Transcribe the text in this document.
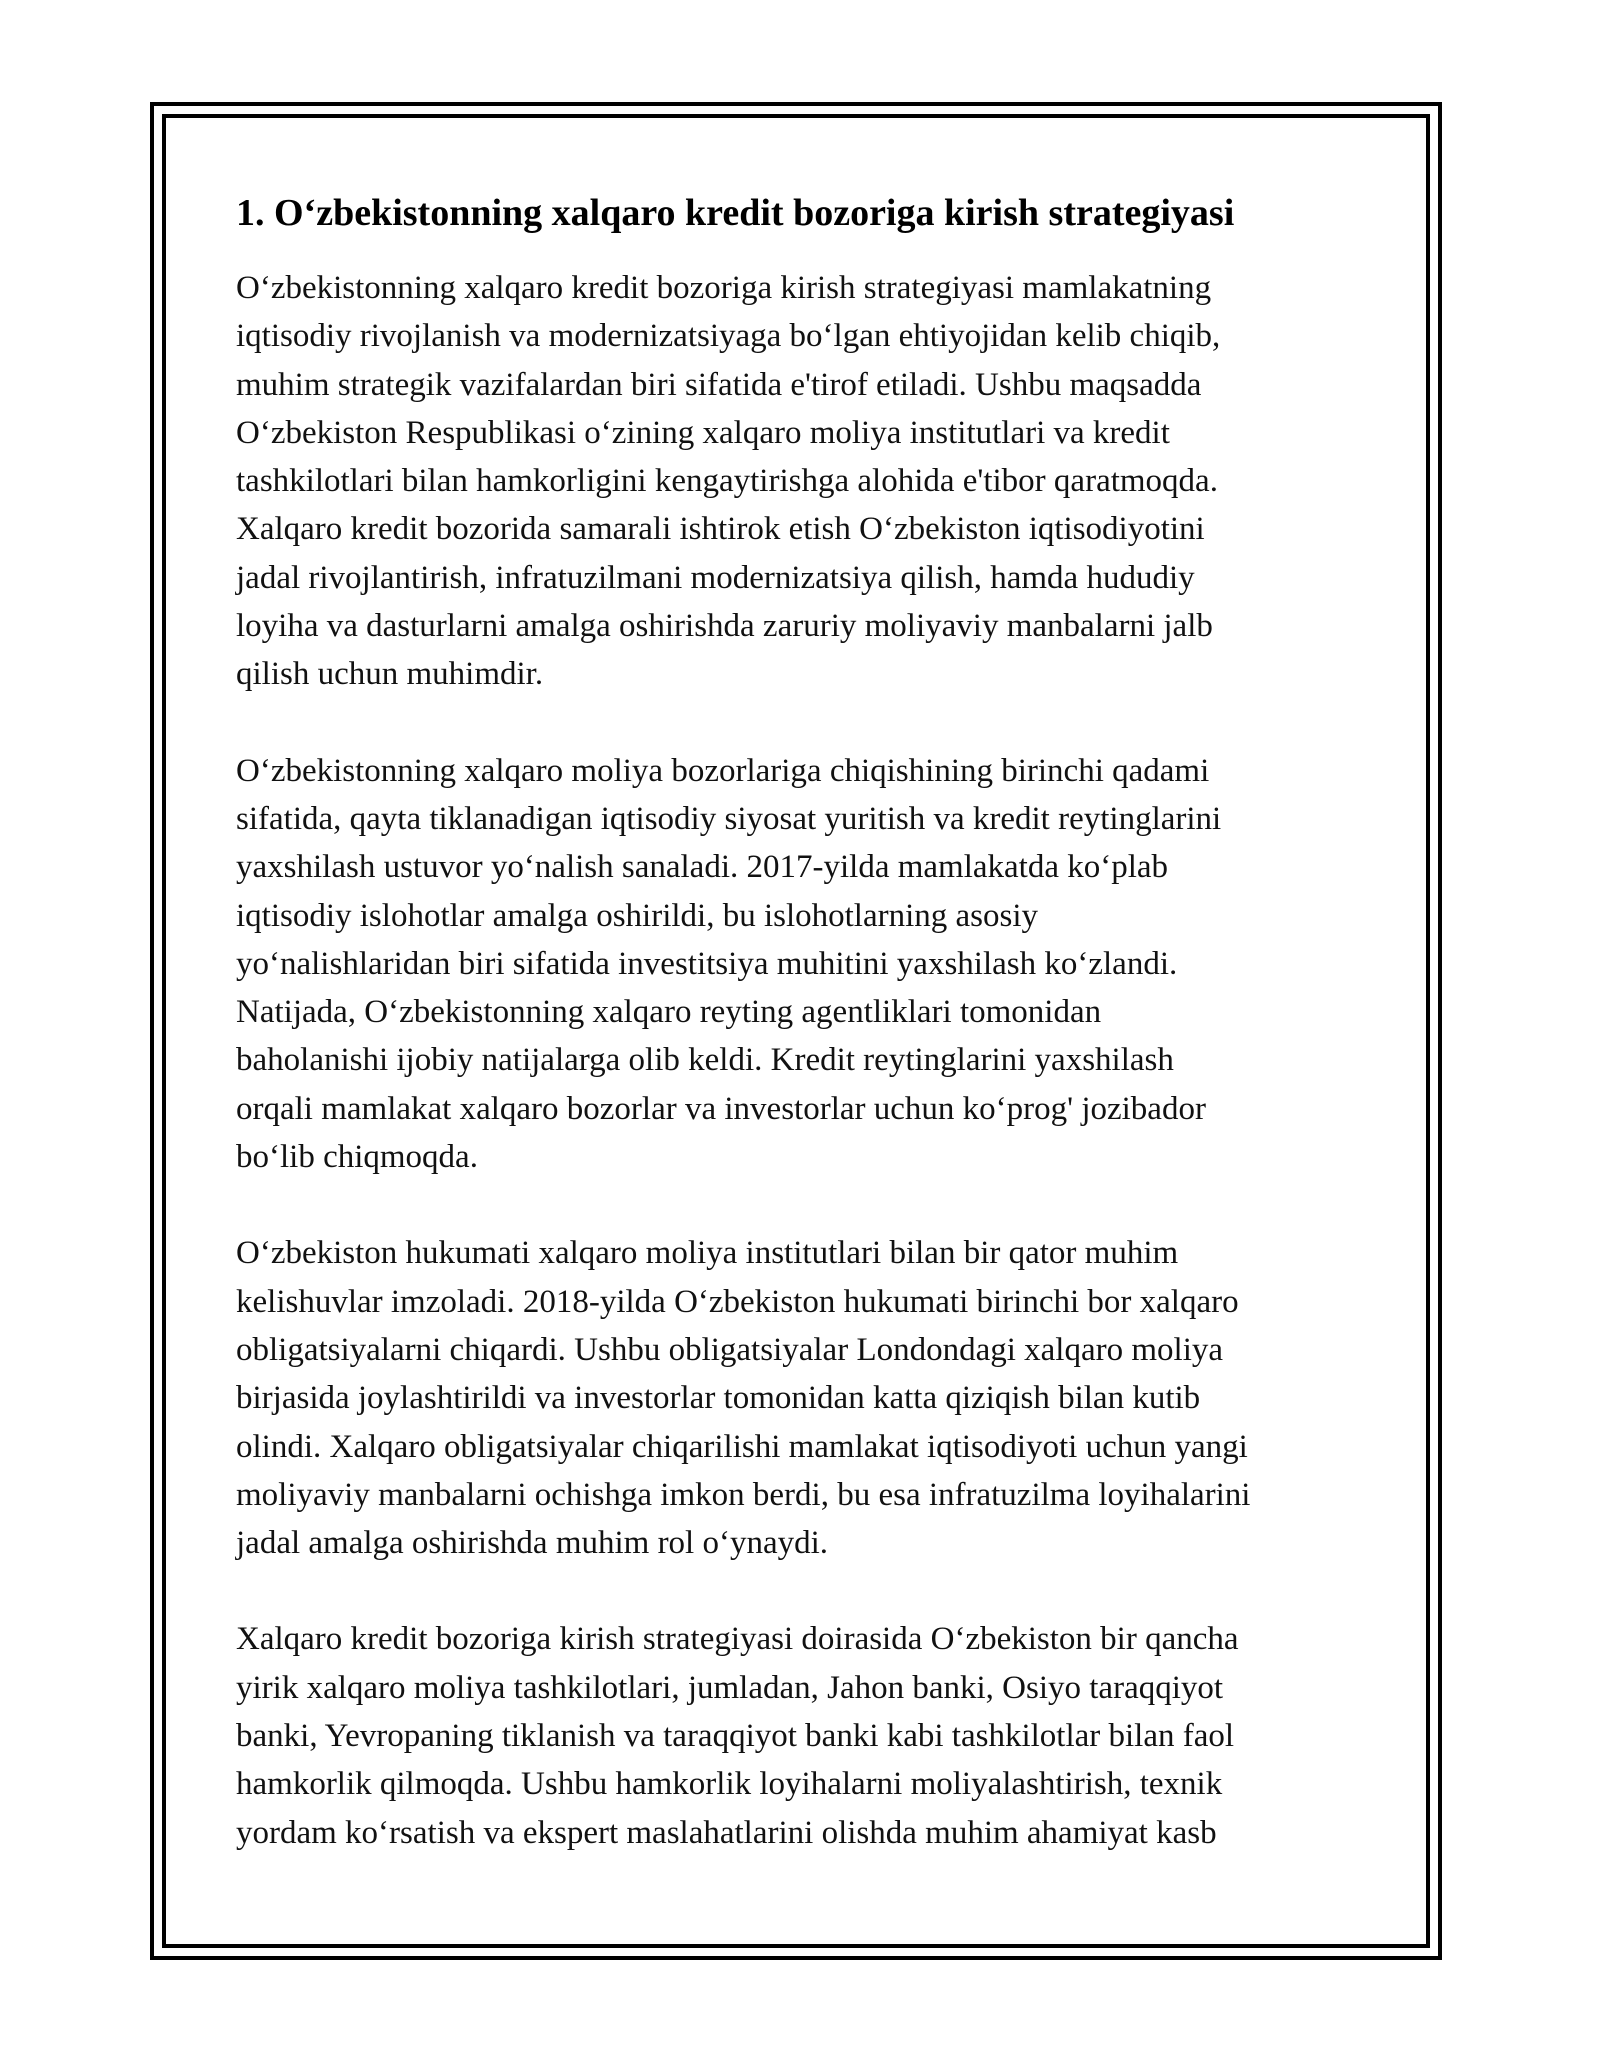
1. O‘zbekistonning xalqaro kredit bozoriga kirish strategiyasi
O‘zbekistonning xalqaro kredit bozoriga kirish strategiyasi mamlakatning
iqtisodiy rivojlanish va modernizatsiyaga bo‘lgan ehtiyojidan kelib chiqib,
muhim strategik vazifalardan biri sifatida e'tirof etiladi. Ushbu maqsadda
O‘zbekiston Respublikasi o‘zining xalqaro moliya institutlari va kredit
tashkilotlari bilan hamkorligini kengaytirishga alohida e'tibor qaratmoqda.
Xalqaro kredit bozorida samarali ishtirok etish O‘zbekiston iqtisodiyotini
jadal rivojlantirish, infratuzilmani modernizatsiya qilish, hamda hududiy
loyiha va dasturlarni amalga oshirishda zaruriy moliyaviy manbalarni jalb
qilish uchun muhimdir.
O‘zbekistonning xalqaro moliya bozorlariga chiqishining birinchi qadami
sifatida, qayta tiklanadigan iqtisodiy siyosat yuritish va kredit reytinglarini
yaxshilash ustuvor yo‘nalish sanaladi. 2017-yilda mamlakatda ko‘plab
iqtisodiy islohotlar amalga oshirildi, bu islohotlarning asosiy
yo‘nalishlaridan biri sifatida investitsiya muhitini yaxshilash ko‘zlandi.
Natijada, O‘zbekistonning xalqaro reyting agentliklari tomonidan
baholanishi ijobiy natijalarga olib keldi. Kredit reytinglarini yaxshilash
orqali mamlakat xalqaro bozorlar va investorlar uchun ko‘prog' jozibador
bo‘lib chiqmoqda.
O‘zbekiston hukumati xalqaro moliya institutlari bilan bir qator muhim
kelishuvlar imzoladi. 2018-yilda O‘zbekiston hukumati birinchi bor xalqaro
obligatsiyalarni chiqardi. Ushbu obligatsiyalar Londondagi xalqaro moliya
birjasida joylashtirildi va investorlar tomonidan katta qiziqish bilan kutib
olindi. Xalqaro obligatsiyalar chiqarilishi mamlakat iqtisodiyoti uchun yangi
moliyaviy manbalarni ochishga imkon berdi, bu esa infratuzilma loyihalarini
jadal amalga oshirishda muhim rol o‘ynaydi.
Xalqaro kredit bozoriga kirish strategiyasi doirasida O‘zbekiston bir qancha
yirik xalqaro moliya tashkilotlari, jumladan, Jahon banki, Osiyo taraqqiyot
banki, Yevropaning tiklanish va taraqqiyot banki kabi tashkilotlar bilan faol
hamkorlik qilmoqda. Ushbu hamkorlik loyihalarni moliyalashtirish, texnik
yordam ko‘rsatish va ekspert maslahatlarini olishda muhim ahamiyat kasb
